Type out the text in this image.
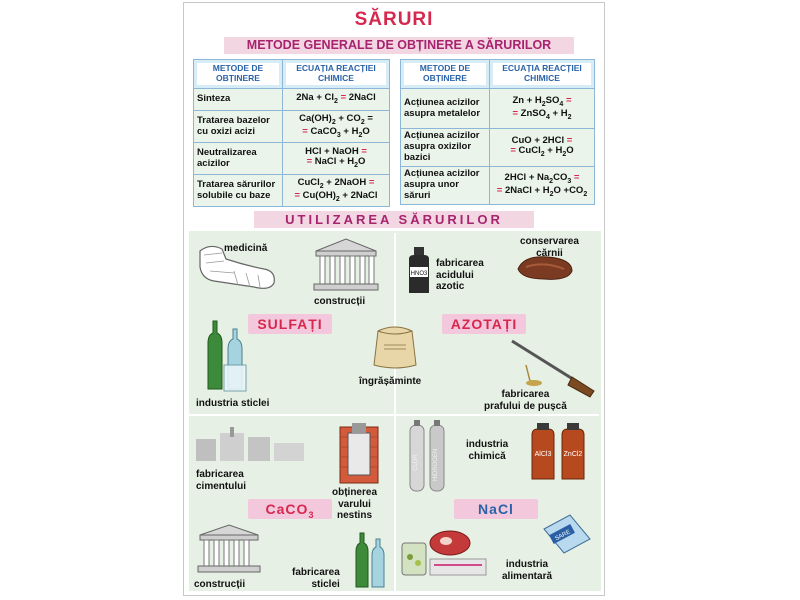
SĂRURI
METODE GENERALE DE OBȚINERE A SĂRURILOR
METODE DE OBȚINERE	ECUAȚIA REACȚIEI CHIMICE
Sinteza	$2Na + Cl_2$ = 2NaCl
Tratarea bazelor cu oxizi acizi	$Ca(OH)_2 + CO_2$ =
= CaCO$_3$ + $H_2O$
Neutralizarea acizilor	HCl + NaOH =
= NaCl + $H_2O$
Tratarea sărurilor solubile cu baze	CuCl$_2$ + 2NaOH =
= $Cu(OH)_2$ + 2NaCl
METODE DE OBȚINERE	ECUAȚIA REACȚIEI CHIMICE
Acțiunea acizilor asupra metalelor	$Zn + H_2SO_4$ =
= ZnSO$_4$ + $H_2$
Acțiunea acizilor asupra oxizilor bazici	CuO + 2HCl =
= CuCl$_2$ + $H_2O$
Acțiunea acizilor asupra unor săruri	$2HCl + Na_2CO_3$ =
= 2NaCl + $H_2O +CO_2$
UTILIZAREA SĂRURILOR
medicină
construcții
SULFAȚI
industria sticlei
îngrășăminte
HNO3
fabricarea
acidului
azotic
conservarea
cărnii
AZOTAȚI
fabricarea
prafului de pușcă
fabricarea
cimentului
obținerea
varului
nestins
CaCO$_3$
construcții
fabricarea
sticlei
CLOR HIDROGEN
industria
chimică	AlCl3 ZnCl2
NaCl
SARE
industria
alimentară
